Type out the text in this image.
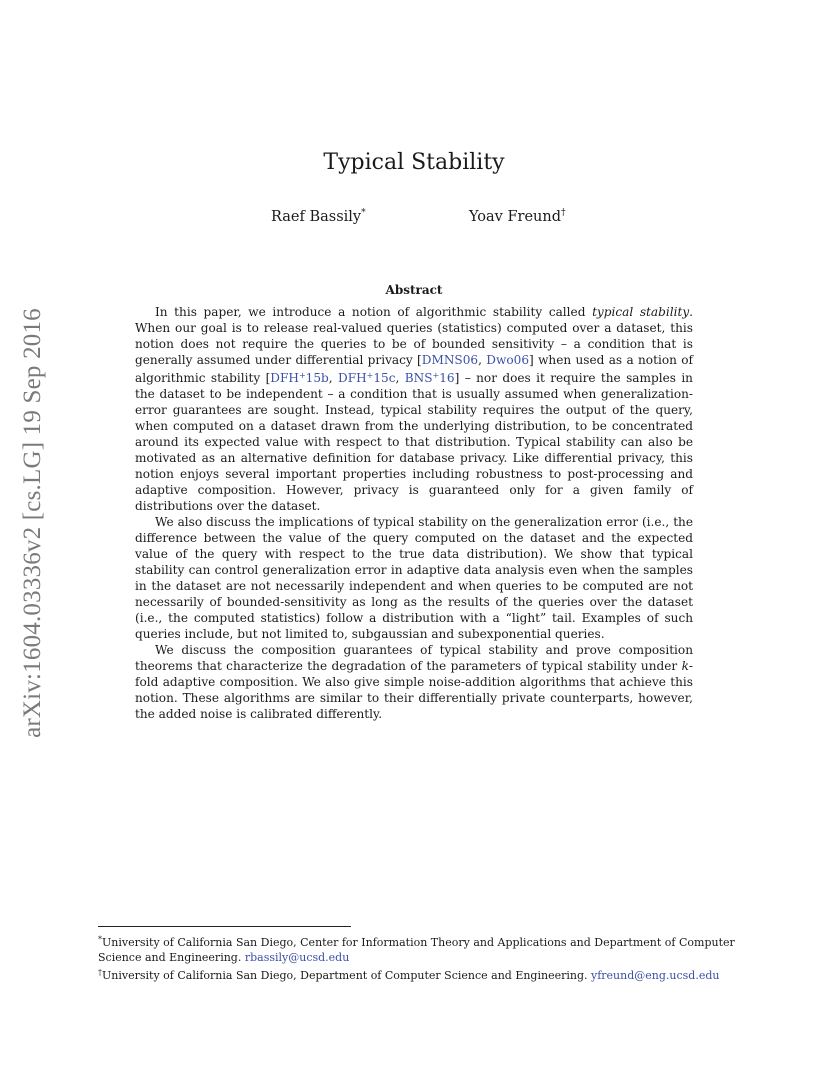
arXiv:1604.03336v2 [cs.LG] 19 Sep 2016
Typical Stability
Raef Bassily*	Yoav Freund†
Abstract

In this paper, we introduce a notion of algorithmic stability called typical stability. When our goal is to release real-valued queries (statistics) computed over a dataset, this notion does not require the queries to be of bounded sensitivity – a condition that is generally assumed under differential privacy [DMNS06, Dwo06] when used as a notion of algorithmic stability [DFH+15b, DFH+15c, BNS+16] – nor does it require the samples in the dataset to be independent – a condition that is usually assumed when generalization-error guarantees are sought. Instead, typical stability requires the output of the query, when computed on a dataset drawn from the underlying distribution, to be concentrated around its expected value with respect to that distribution. Typical stability can also be motivated as an alternative definition for database privacy. Like differential privacy, this notion enjoys several important properties including robustness to post-processing and adaptive composition. However, privacy is guaranteed only for a given family of distributions over the dataset.

We also discuss the implications of typical stability on the generalization error (i.e., the difference between the value of the query computed on the dataset and the expected value of the query with respect to the true data distribution). We show that typical stability can control generalization error in adaptive data analysis even when the samples in the dataset are not necessarily independent and when queries to be computed are not necessarily of bounded-sensitivity as long as the results of the queries over the dataset (i.e., the computed statistics) follow a distribution with a “light” tail. Examples of such queries include, but not limited to, subgaussian and subexponential queries.

We discuss the composition guarantees of typical stability and prove composition theorems that characterize the degradation of the parameters of typical stability under k-fold adaptive composition. We also give simple noise-addition algorithms that achieve this notion. These algorithms are similar to their differentially private counterparts, however, the added noise is calibrated differently.

*University of California San Diego, Center for Information Theory and Applications and Department of Computer Science and Engineering. rbassily@ucsd.edu

†University of California San Diego, Department of Computer Science and Engineering. yfreund@eng.ucsd.edu
